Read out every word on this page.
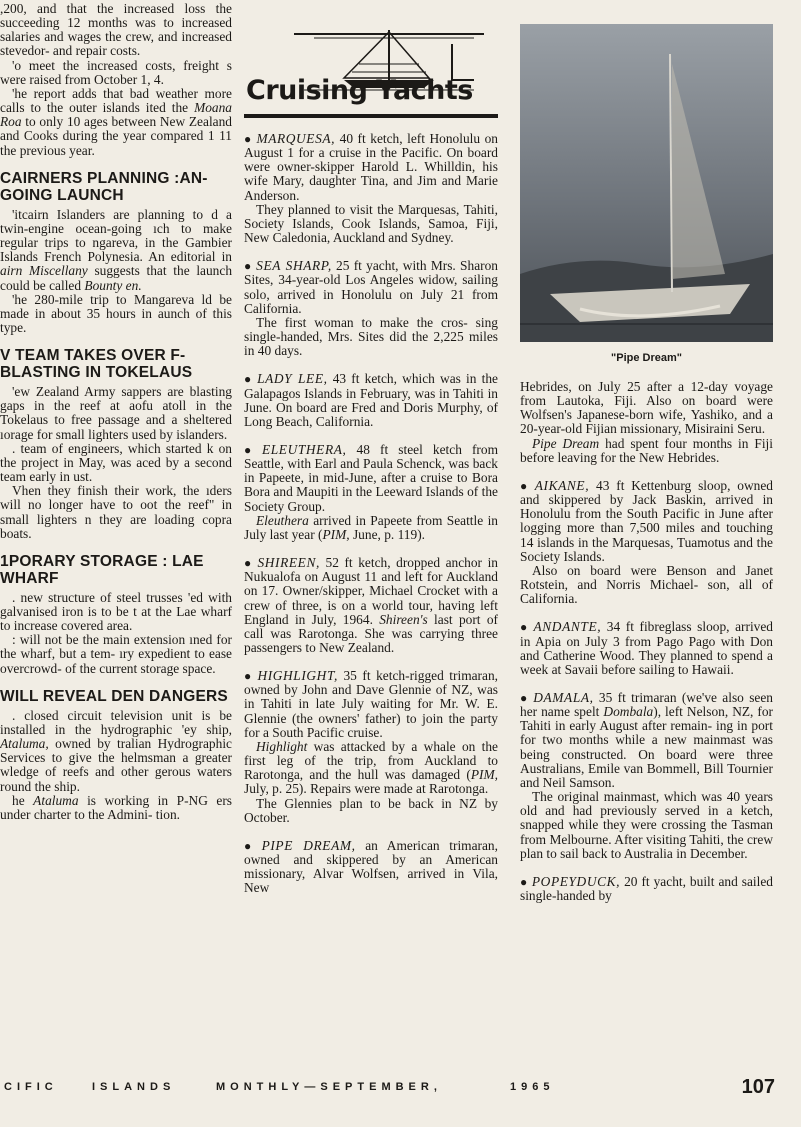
,200, and that the increased loss the succeeding 12 months was to increased salaries and wages the crew, and increased stevedor- and repair costs.

'o meet the increased costs, freight s were raised from October 1, 4.

'he report adds that bad weather more calls to the outer islands ited the Moana Roa to only 10 ages between New Zealand and Cooks during the year compared 1 11 the previous year.

CAIRNERS PLANNING :AN-GOING LAUNCH

'itcairn Islanders are planning to d a twin-engine ocean-going ıch to make regular trips to ngareva, in the Gambier Islands French Polynesia. An editorial in airn Miscellany suggests that the launch could be called Bounty en.

'he 280-mile trip to Mangareva ld be made in about 35 hours in aunch of this type.

V TEAM TAKES OVER F-BLASTING IN TOKELAUS

'ew Zealand Army sappers are blasting gaps in the reef at aofu atoll in the Tokelaus to free passage and a sheltered ıorage for small lighters used by islanders.

. team of engineers, which started k on the project in May, was aced by a second team early in ust.

Vhen they finish their work, the ıders will no longer have to oot the reef" in small lighters n they are loading copra boats.

1PORARY STORAGE : LAE WHARF

. new structure of steel trusses 'ed with galvanised iron is to be t at the Lae wharf to increase covered area.

: will not be the main extension ıned for the wharf, but a tem- ıry expedient to ease overcrowd- of the current storage space.

WILL REVEAL DEN DANGERS

. closed circuit television unit is be installed in the hydrographic 'ey ship, Ataluma, owned by tralian Hydrographic Services to give the helmsman a greater wledge of reefs and other gerous waters round the ship.

he Ataluma is working in P-NG ers under charter to the Admini- tion.

Cruising Yachts

● MARQUESA, 40 ft ketch, left Honolulu on August 1 for a cruise in the Pacific. On board were owner-skipper Harold L. Whilldin, his wife Mary, daughter Tina, and Jim and Marie Anderson.

They planned to visit the Marquesas, Tahiti, Society Islands, Cook Islands, Samoa, Fiji, New Caledonia, Auckland and Sydney.

● SEA SHARP, 25 ft yacht, with Mrs. Sharon Sites, 34-year-old Los Angeles widow, sailing solo, arrived in Honolulu on July 21 from California.

The first woman to make the cros- sing single-handed, Mrs. Sites did the 2,225 miles in 40 days.

● LADY LEE, 43 ft ketch, which was in the Galapagos Islands in February, was in Tahiti in June. On board are Fred and Doris Murphy, of Long Beach, California.

● ELEUTHERA, 48 ft steel ketch from Seattle, with Earl and Paula Schenck, was back in Papeete, in mid-June, after a cruise to Bora Bora and Maupiti in the Leeward Islands of the Society Group.

Eleuthera arrived in Papeete from Seattle in July last year (PIM, June, p. 119).

● SHIREEN, 52 ft ketch, dropped anchor in Nukualofa on August 11 and left for Auckland on 17. Owner/skipper, Michael Crocket with a crew of three, is on a world tour, having left England in July, 1964. Shireen's last port of call was Rarotonga. She was carrying three passengers to New Zealand.

● HIGHLIGHT, 35 ft ketch-rigged trimaran, owned by John and Dave Glennie of NZ, was in Tahiti in late July waiting for Mr. W. E. Glennie (the owners' father) to join the party for a South Pacific cruise.

Highlight was attacked by a whale on the first leg of the trip, from Auckland to Rarotonga, and the hull was damaged (PIM, July, p. 25). Repairs were made at Rarotonga.

The Glennies plan to be back in NZ by October.

● PIPE DREAM, an American trimaran, owned and skippered by an American missionary, Alvar Wolfsen, arrived in Vila, New

"Pipe Dream"

Hebrides, on July 25 after a 12-day voyage from Lautoka, Fiji. Also on board were Wolfsen's Japanese-born wife, Yashiko, and a 20-year-old Fijian missionary, Misiraini Seru.

Pipe Dream had spent four months in Fiji before leaving for the New Hebrides.

● AIKANE, 43 ft Kettenburg sloop, owned and skippered by Jack Baskin, arrived in Honolulu from the South Pacific in June after logging more than 7,500 miles and touching 14 islands in the Marquesas, Tuamotus and the Society Islands.

Also on board were Benson and Janet Rotstein, and Norris Michael- son, all of California.

● ANDANTE, 34 ft fibreglass sloop, arrived in Apia on July 3 from Pago Pago with Don and Catherine Wood. They planned to spend a week at Savaii before sailing to Hawaii.

● DAMALA, 35 ft trimaran (we've also seen her name spelt Dombala), left Nelson, NZ, for Tahiti in early August after remain- ing in port for two months while a new mainmast was being constructed. On board were three Australians, Emile van Bommell, Bill Tournier and Neil Samson.

The original mainmast, which was 40 years old and had previously served in a ketch, snapped while they were crossing the Tasman from Melbourne. After visiting Tahiti, the crew plan to sail back to Australia in December.

● POPEYDUCK, 20 ft yacht, built and sailed single-handed by

CIFIC	ISLANDS	MONTHLY—SEPTEMBER,	1965	107
